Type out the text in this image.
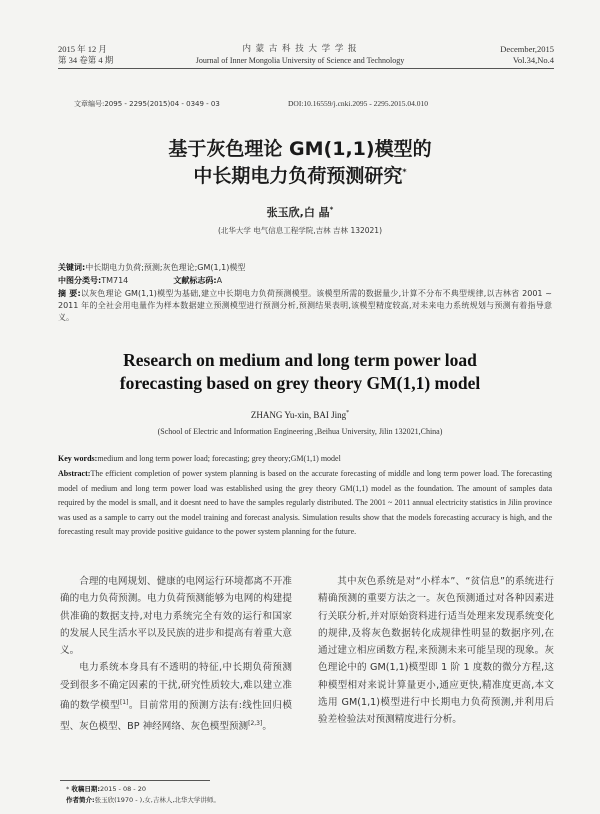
2015 年 12 月
第 34 卷第 4 期
内 蒙 古 科 技 大 学 学 报
Journal of Inner Mongolia University of Science and Technology
December,2015
Vol.34,No.4
文章编号:2095 - 2295(2015)04 - 0349 - 03	DOI:10.16559/j.cnki.2095 - 2295.2015.04.010
基于灰色理论 GM(1,1)模型的
中长期电力负荷预测研究*
张玉欣,白 晶*
(北华大学 电气信息工程学院,吉林 吉林 132021)
关键词:中长期电力负荷;预测;灰色理论;GM(1,1)模型
中图分类号:TM714	文献标志码:A
摘 要:以灰色理论 GM(1,1)模型为基础,建立中长期电力负荷预测模型。该模型所需的数据量少,计算不分布不典型规律,以吉林省 2001 ~ 2011 年的全社会用电量作为样本数据建立预测模型进行预测分析,预测结果表明,该模型精度较高,对未来电力系统规划与预测有着指导意义。
Research on medium and long term power load
forecasting based on grey theory GM(1,1) model
ZHANG Yu-xin, BAI Jing*
(School of Electric and Information Engineering ,Beihua University, Jilin 132021,China)
Key words:medium and long term power load; forecasting; grey theory;GM(1,1) model
Abstract:The efficient completion of power system planning is based on the accurate forecasting of middle and long term power load. The forecasting model of medium and long term power load was established using the grey theory GM(1,1) model as the foundation. The amount of samples data required by the model is small, and it doesnt need to have the samples regularly distributed. The 2001 ~ 2011 annual electricity statistics in Jilin province was used as a sample to carry out the model training and forecast analysis. Simulation results show that the models forecasting accuracy is high, and the forecasting result may provide positive guidance to the power system planning for the future.

合理的电网规划、健康的电网运行环境都离不开准确的电力负荷预测。电力负荷预测能够为电网的构建提供准确的数据支持,对电力系统完全有效的运行和国家的发展人民生活水平以及民族的进步和提高有着重大意义。

电力系统本身具有不透明的特征,中长期负荷预测受到很多不确定因素的干扰,研究性质较大,难以建立准确的数学模型[1]。目前常用的预测方法有:线性回归模型、灰色模型、BP 神经网络、灰色模型预测[2,3]。

其中灰色系统是对“小样本”、“贫信息”的系统进行精确预测的重要方法之一。灰色预测通过对各种因素进行关联分析,并对原始资料进行适当处理来发现系统变化的规律,及将灰色数据转化成规律性明显的数据序列,在通过建立相应函数方程,来预测未来可能呈现的现象。灰色理论中的 GM(1,1)模型即 1 阶 1 度数的微分方程,这种模型相对来说计算量更小,通应更快,精准度更高,本文选用 GM(1,1)模型进行中长期电力负荷预测,并利用后验差检验法对预测精度进行分析。

* 收稿日期:2015 - 08 - 20
作者简介:张玉欣(1970 - ),女,吉林人,北华大学讲师。
